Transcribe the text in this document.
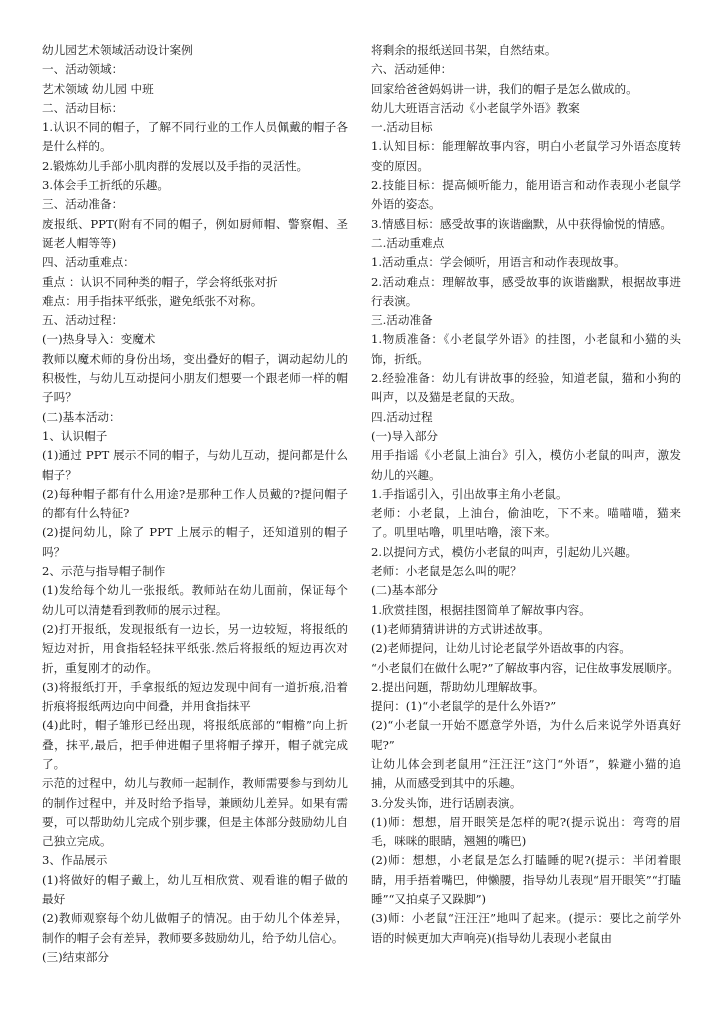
幼儿园艺术领域活动设计案例

一、活动领域：

艺术领域 幼儿园 中班

二、活动目标：

1.认识不同的帽子，了解不同行业的工作人员佩戴的帽子各是什么样的。

2.锻炼幼儿手部小肌肉群的发展以及手指的灵活性。

3.体会手工折纸的乐趣。

三、活动准备：

废报纸、PPT(附有不同的帽子，例如厨师帽、警察帽、圣诞老人帽等等)

四、活动重难点：

重点 ：认识不同种类的帽子，学会将纸张对折

难点：用手指抹平纸张，避免纸张不对称。

五、活动过程：

(一)热身导入：变魔术

教师以魔术师的身份出场，变出叠好的帽子，调动起幼儿的积极性，与幼儿互动提问小朋友们想要一个跟老师一样的帽子吗？

(二)基本活动：

1、认识帽子

(1)通过 PPT 展示不同的帽子，与幼儿互动，提问都是什么帽子？

(2)每种帽子都有什么用途?是那种工作人员戴的?提问帽子的都有什么特征?

(2)提问幼儿，除了 PPT 上展示的帽子，还知道别的帽子吗？

2、示范与指导帽子制作

(1)发给每个幼儿一张报纸。教师站在幼儿面前，保证每个幼儿可以清楚看到教师的展示过程。

(2)打开报纸，发现报纸有一边长，另一边较短，将报纸的短边对折，用食指轻轻抹平纸张.然后将报纸的短边再次对折，重复刚才的动作。

(3)将报纸打开，手拿报纸的短边发现中间有一道折痕,沿着折痕将报纸两边向中间叠，并用食指抹平

(4)此时，帽子雏形已经出现，将报纸底部的“帽檐”向上折叠，抹平,最后，把手伸进帽子里将帽子撑开，帽子就完成了。

示范的过程中，幼儿与教师一起制作，教师需要参与到幼儿的制作过程中，并及时给予指导，兼顾幼儿差异。如果有需要，可以帮助幼儿完成个别步骤，但是主体部分鼓励幼儿自己独立完成。

3、作品展示

(1)将做好的帽子戴上，幼儿互相欣赏、观看谁的帽子做的最好

(2)教师观察每个幼儿做帽子的情况。由于幼儿个体差异，制作的帽子会有差异，教师要多鼓励幼儿，给予幼儿信心。

(三)结束部分

将剩余的报纸送回书架，自然结束。

六、活动延伸：

回家给爸爸妈妈讲一讲，我们的帽子是怎么做成的。

幼儿大班语言活动《小老鼠学外语》教案

一.活动目标

1.认知目标：能理解故事内容，明白小老鼠学习外语态度转变的原因。

2.技能目标：提高倾听能力，能用语言和动作表现小老鼠学外语的姿态。

3.情感目标：感受故事的诙谐幽默，从中获得愉悦的情感。

二.活动重难点

1.活动重点：学会倾听，用语言和动作表现故事。

2.活动难点：理解故事，感受故事的诙谐幽默，根据故事进行表演。

三.活动准备

1.物质准备：《小老鼠学外语》的挂图，小老鼠和小猫的头饰，折纸。

2.经验准备：幼儿有讲故事的经验，知道老鼠，猫和小狗的叫声，以及猫是老鼠的天敌。

四.活动过程

(一)导入部分

用手指谣《小老鼠上油台》引入，模仿小老鼠的叫声，激发幼儿的兴趣。

1.手指谣引入，引出故事主角小老鼠。

老师：小老鼠，上油台，偷油吃，下不来。喵喵喵，猫来了。叽里咕噜，叽里咕噜，滚下来。

2.以提问方式，模仿小老鼠的叫声，引起幼儿兴趣。

老师：小老鼠是怎么叫的呢？

(二)基本部分

1.欣赏挂图，根据挂图简单了解故事内容。

(1)老师猜猜讲讲的方式讲述故事。

(2)老师提问，让幼儿讨论老鼠学外语故事的内容。

“小老鼠们在做什么呢?”了解故事内容，记住故事发展顺序。

2.提出问题，帮助幼儿理解故事。

提问：(1)“小老鼠学的是什么外语?”

(2)“小老鼠一开始不愿意学外语，为什么后来说学外语真好呢?”

让幼儿体会到老鼠用“汪汪汪”这门“外语”，躲避小猫的追捕，从而感受到其中的乐趣。

3.分发头饰，进行话剧表演。

(1)师：想想，眉开眼笑是怎样的呢?(提示说出：弯弯的眉毛，咪咪的眼睛，翘翘的嘴巴)

(2)师：想想，小老鼠是怎么打瞌睡的呢?(提示：半闭着眼睛，用手捂着嘴巴，伸懒腰，指导幼儿表现“眉开眼笑”“打瞌睡”“又拍桌子又跺脚”)

(3)师：小老鼠“汪汪汪”地叫了起来。(提示：要比之前学外语的时候更加大声响亮)(指导幼儿表现小老鼠由
